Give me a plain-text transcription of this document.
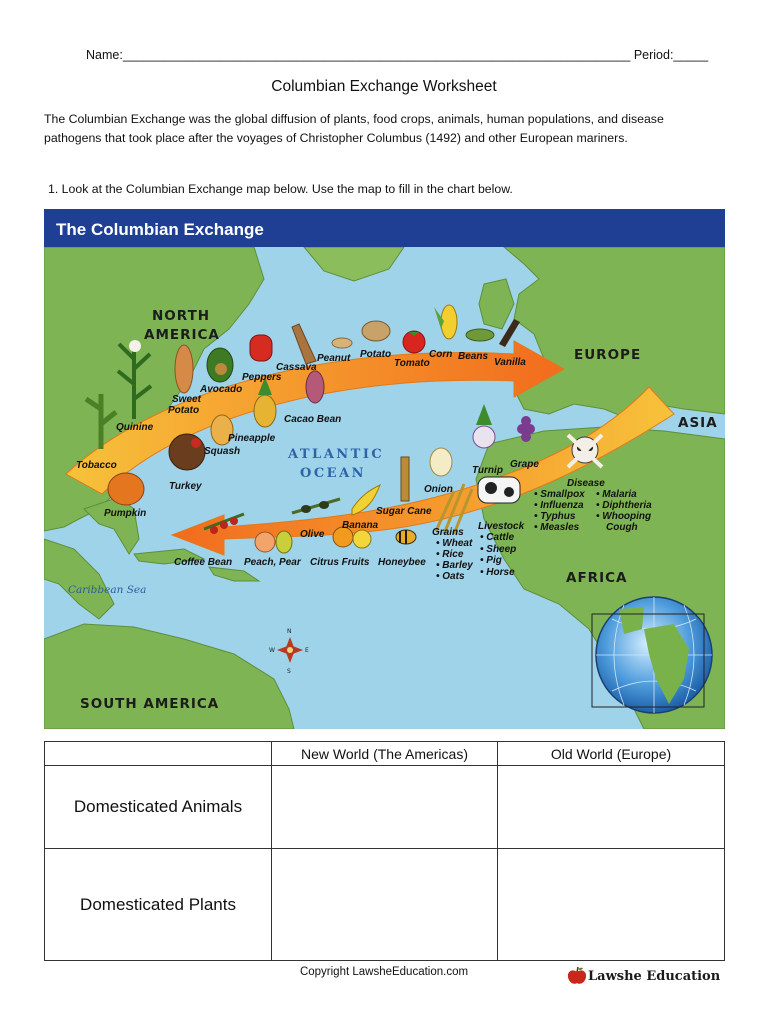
Name:_________________________________________________________________________ Period:_____
Columbian Exchange Worksheet
The Columbian Exchange was the global diffusion of plants, food crops, animals, human populations, and disease
pathogens that took place after the voyages of Christopher Columbus (1492) and other European mariners.
1. Look at the Columbian Exchange map below. Use the map to fill in the chart below.
The Columbian Exchange
NORTH
AMERICA
EUROPE
ASIA
AFRICA
SOUTH AMERICA
ATLANTIC
OCEAN
Caribbean Sea
Peanut Potato	Corn Beans
Vanilla
Tomato
Cassava
Peppers
Avocado
Sweet
Potato
Cacao Bean
Quinine
Pineapple
Squash
Tobacco
Turkey
Pumpkin
Turnip
Grape
Onion
Sugar Cane
Banana
Olive
Coffee Bean Peach, Pear Citrus Fruits Honeybee
Disease
• Smallpox
• Influenza
• Typhus
• Measles
• Malaria
• Diphtheria
• Whooping
Cough
Grains
• Wheat
• Rice
• Barley
• Oats
Livestock
• Cattle
• Sheep
• Pig
• Horse
N
S
E
W
	New World (The Americas)	Old World (Europe)
Domesticated Animals		
Domesticated Plants		
Copyright LawsheEducation.com	Lawshe Education
